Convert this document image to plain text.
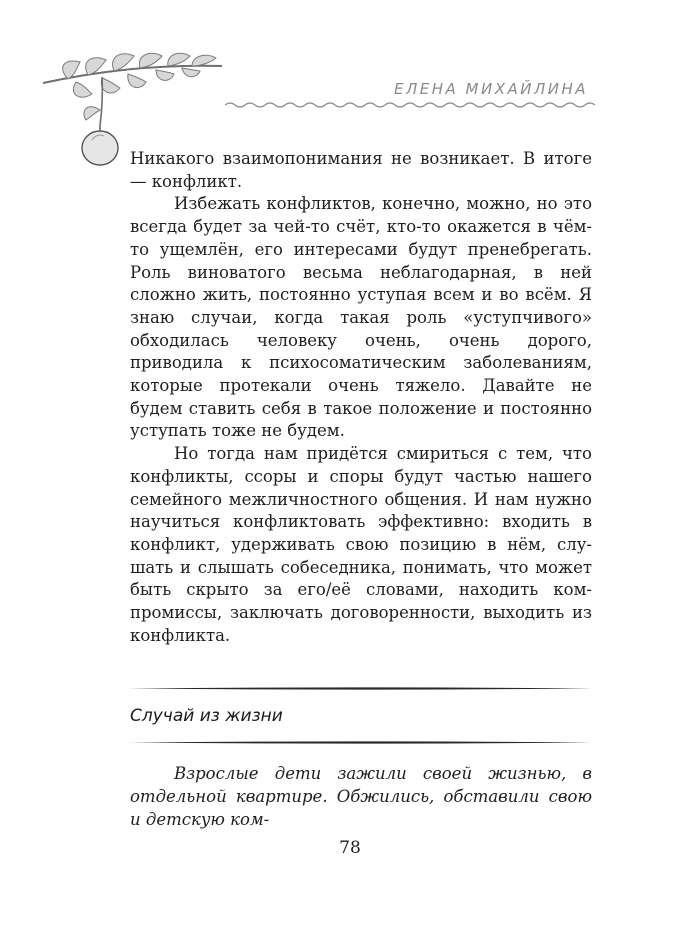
ЕЛЕНА МИХАЙЛИНА

Никакого взаимопонимания не возникает. В итоге — конфликт.

Избежать конфликтов, конечно, можно, но это всегда будет за чей-то счёт, кто-то окажется в чём-то ущемлён, его интересами будут пренебрегать. Роль виноватого весьма неблагодарная, в ней сложно жить, постоянно уступая всем и во всём. Я знаю случаи, когда такая роль «уступчивого» обходилась человеку очень, очень дорого, приводила к психосоматическим заболеваниям, которые протекали очень тяжело. Давайте не будем ставить себя в такое положение и постоянно уступать тоже не будем.

Но тогда нам придётся смириться с тем, что конфликты, ссоры и споры будут частью нашего семейного межличностного общения. И нам нужно научиться конфликтовать эффективно: входить в конфликт, удерживать свою позицию в нём, слушать и слышать собеседника, понимать, что может быть скрыто за его/её словами, находить компромиссы, заключать договоренности, выходить из конфликта.

Случай из жизни

Взрослые дети зажили своей жизнью, в отдельной квартире. Обжились, обставили свою и детскую ком-

78
